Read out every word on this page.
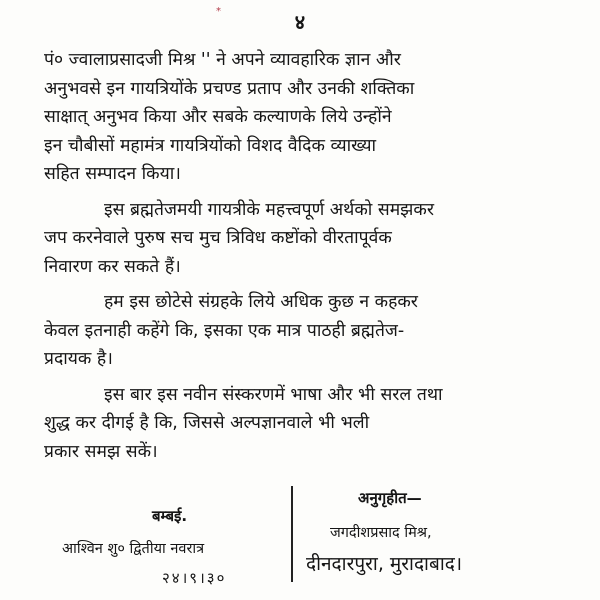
*	४

पं० ज्वालाप्रसादजी मिश्र '' ने अपने व्यावहारिक ज्ञान और
अनुभवसे इन गायत्रियोंके प्रचण्ड प्रताप और उनकी शक्तिका
साक्षात् अनुभव किया और सबके कल्याणके लिये उन्होंने
इन चौबीसों महामंत्र गायत्रियोंको विशद वैदिक व्याख्या
सहित सम्पादन किया।

इस ब्रह्मतेजमयी गायत्रीके महत्त्वपूर्ण अर्थको समझकर
जप करनेवाले पुरुष सच मुच त्रिविध कष्टोंको वीरतापूर्वक
निवारण कर सकते हैं।

हम इस छोटेसे संग्रहके लिये अधिक कुछ न कहकर
केवल इतनाही कहेंगे कि, इसका एक मात्र पाठही ब्रह्मतेज-
प्रदायक है।

इस बार इस नवीन संस्करणमें भाषा और भी सरल तथा
शुद्ध कर दीगई है कि, जिससे अल्पज्ञानवाले भी भली
प्रकार समझ सकें।

बम्बई.
आश्विन शु० द्वितीया नवरात्र
२४।९।३०
अनुगृहीत—
जगदीशप्रसाद मिश्र,
दीनदारपुरा, मुरादाबाद।
